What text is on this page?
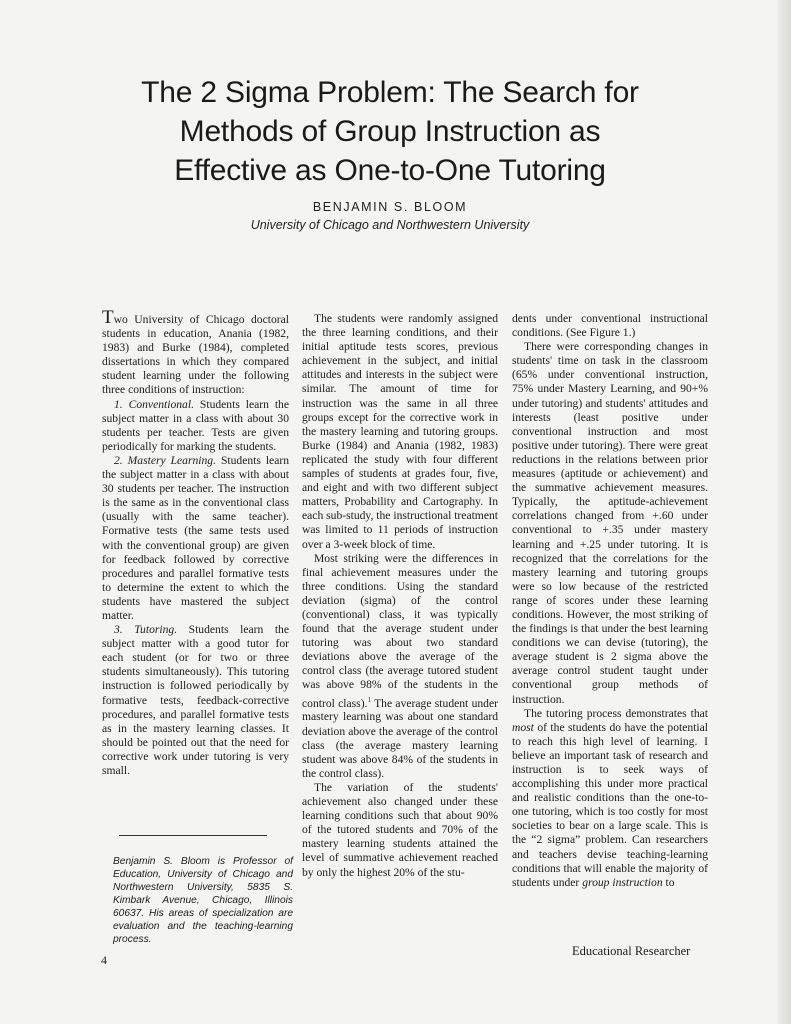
The 2 Sigma Problem: The Search for
Methods of Group Instruction as
Effective as One-to-One Tutoring
BENJAMIN S. BLOOM
University of Chicago and Northwestern University

Two University of Chicago doctoral students in education, Anania (1982, 1983) and Burke (1984), completed dissertations in which they compared student learning under the following three conditions of instruction:

1. Conventional. Students learn the subject matter in a class with about 30 students per teacher. Tests are given periodically for marking the students.

2. Mastery Learning. Students learn the subject matter in a class with about 30 students per teacher. The instruction is the same as in the conventional class (usually with the same teacher). Formative tests (the same tests used with the conventional group) are given for feedback followed by corrective procedures and parallel formative tests to determine the extent to which the students have mastered the subject matter.

3. Tutoring. Students learn the subject matter with a good tutor for each student (or for two or three students simultaneously). This tutoring instruction is followed periodically by formative tests, feedback-corrective procedures, and parallel formative tests as in the mastery learning classes. It should be pointed out that the need for corrective work under tutoring is very small.

The students were randomly assigned the three learning conditions, and their initial aptitude tests scores, previous achievement in the subject, and initial attitudes and interests in the subject were similar. The amount of time for instruction was the same in all three groups except for the corrective work in the mastery learning and tutoring groups. Burke (1984) and Anania (1982, 1983) replicated the study with four different samples of students at grades four, five, and eight and with two different subject matters, Probability and Cartography. In each sub-study, the instructional treatment was limited to 11 periods of instruction over a 3-week block of time.

Most striking were the differences in final achievement measures under the three conditions. Using the standard deviation (sigma) of the control (conventional) class, it was typically found that the average student under tutoring was about two standard deviations above the average of the control class (the average tutored student was above 98% of the students in the control class).$^1$ The average student under mastery learning was about one standard deviation above the average of the control class (the average mastery learning student was above 84% of the students in the control class).

The variation of the students' achievement also changed under these learning conditions such that about 90% of the tutored students and 70% of the mastery learning students attained the level of summative achievement reached by only the highest 20% of the stu-

dents under conventional instructional conditions. (See Figure 1.)

There were corresponding changes in students' time on task in the classroom (65% under conventional instruction, 75% under Mastery Learning, and 90+% under tutoring) and students' attitudes and interests (least positive under conventional instruction and most positive under tutoring). There were great reductions in the relations between prior measures (aptitude or achievement) and the summative achievement measures. Typically, the aptitude-achievement correlations changed from +.60 under conventional to +.35 under mastery learning and +.25 under tutoring. It is recognized that the correlations for the mastery learning and tutoring groups were so low because of the restricted range of scores under these learning conditions. However, the most striking of the findings is that under the best learning conditions we can devise (tutoring), the average student is 2 sigma above the average control student taught under conventional group methods of instruction.

The tutoring process demonstrates that most of the students do have the potential to reach this high level of learning. I believe an important task of research and instruction is to seek ways of accomplishing this under more practical and realistic conditions than the one-to-one tutoring, which is too costly for most societies to bear on a large scale. This is the “2 sigma” problem. Can researchers and teachers devise teaching-learning conditions that will enable the majority of students under group instruction to

Benjamin S. Bloom is Professor of Education, University of Chicago and Northwestern University, 5835 S. Kimbark Avenue, Chicago, Illinois 60637. His areas of specialization are evaluation and the teaching-learning process.
4
Educational Researcher
